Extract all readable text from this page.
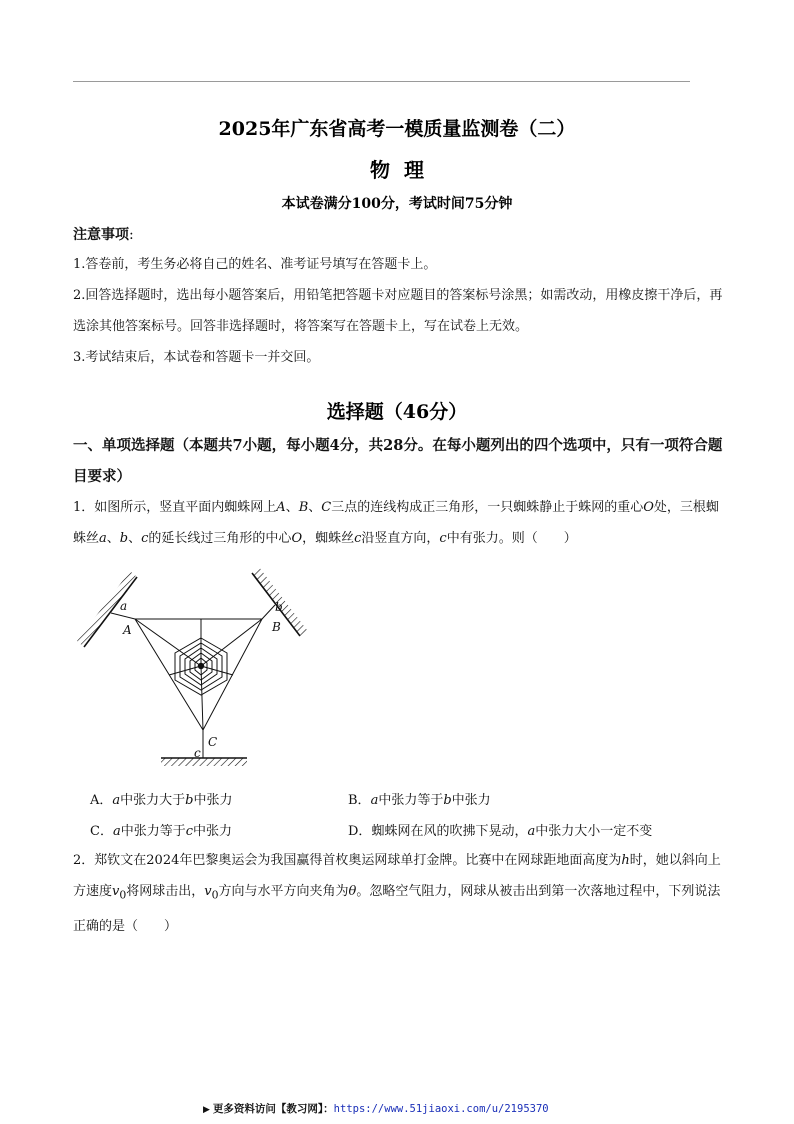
2025年广东省高考一模质量监测卷（二）
物理
本试卷满分100分，考试时间75分钟
注意事项:
1.答卷前，考生务必将自己的姓名、准考证号填写在答题卡上。
2.回答选择题时，选出每小题答案后，用铅笔把答题卡对应题目的答案标号涂黑；如需改动，用橡皮擦干净后，再选涂其他答案标号。回答非选择题时，将答案写在答题卡上，写在试卷上无效。
3.考试结束后，本试卷和答题卡一并交回。
选择题（46分）
一、单项选择题（本题共7小题，每小题4分，共28分。在每小题列出的四个选项中，只有一项符合题目要求）
1．如图所示，竖直平面内蜘蛛网上A、B、C三点的连线构成正三角形，一只蜘蛛静止于蛛网的重心O处，三根蜘蛛丝a、b、c的延长线过三角形的中心O，蜘蛛丝c沿竖直方向，c中有张力。则（　　）
a
A
b
B
C
c
A．a中张力大于b中张力	B．a中张力等于b中张力
C．a中张力等于c中张力	D．蜘蛛网在风的吹拂下晃动，a中张力大小一定不变
2．郑钦文在2024年巴黎奥运会为我国赢得首枚奥运网球单打金牌。比赛中在网球距地面高度为h时，她以斜向上方速度$v_0$将网球击出，$v_0$方向与水平方向夹角为θ。忽略空气阻力，网球从被击出到第一次落地过程中，下列说法正确的是（　　）
▶ 更多资料访问【教习网】：https://www.51jiaoxi.com/u/2195370
